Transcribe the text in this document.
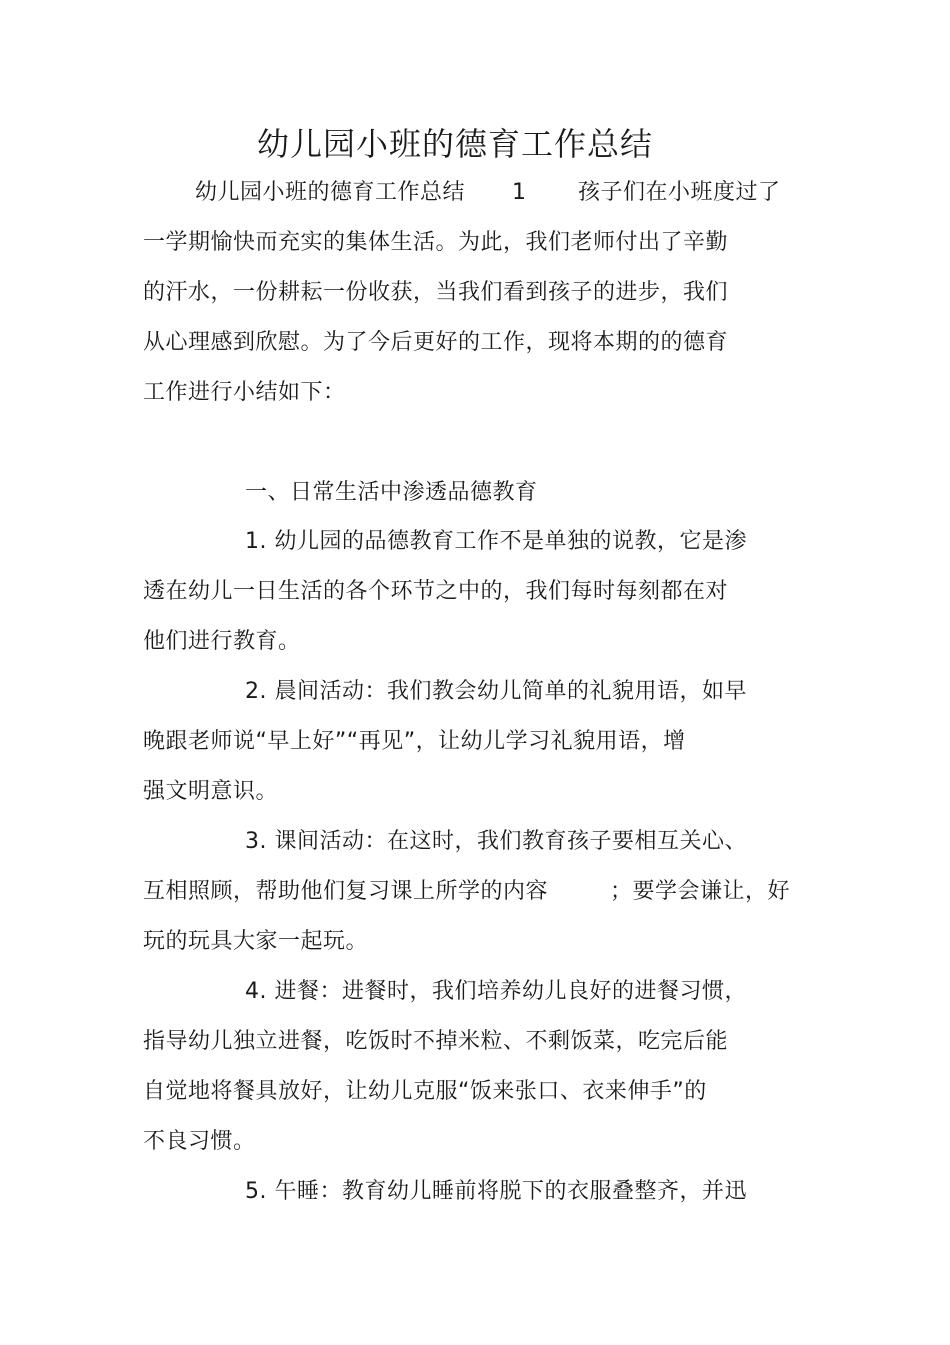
幼儿园小班的德育工作总结
幼儿园小班的德育工作总结 1 孩子们在小班度过了
一学期愉快而充实的集体生活。为此，我们老师付出了辛勤
的汗水，一份耕耘一份收获，当我们看到孩子的进步，我们
从心理感到欣慰。为了今后更好的工作，现将本期的的德育
工作进行小结如下：
一、日常生活中渗透品德教育
1. 幼儿园的品德教育工作不是单独的说教，它是渗
透在幼儿一日生活的各个环节之中的，我们每时每刻都在对
他们进行教育。
2. 晨间活动：我们教会幼儿简单的礼貌用语，如早
晚跟老师说“早上好”“再见”，让幼儿学习礼貌用语，增
强文明意识。
3. 课间活动：在这时，我们教育孩子要相互关心、
互相照顾，帮助他们复习课上所学的内容	；要学会谦让，好
玩的玩具大家一起玩。
4. 进餐：进餐时，我们培养幼儿良好的进餐习惯，
指导幼儿独立进餐，吃饭时不掉米粒、不剩饭菜，吃完后能
自觉地将餐具放好，让幼儿克服“饭来张口、衣来伸手”的
不良习惯。
5. 午睡：教育幼儿睡前将脱下的衣服叠整齐，并迅
